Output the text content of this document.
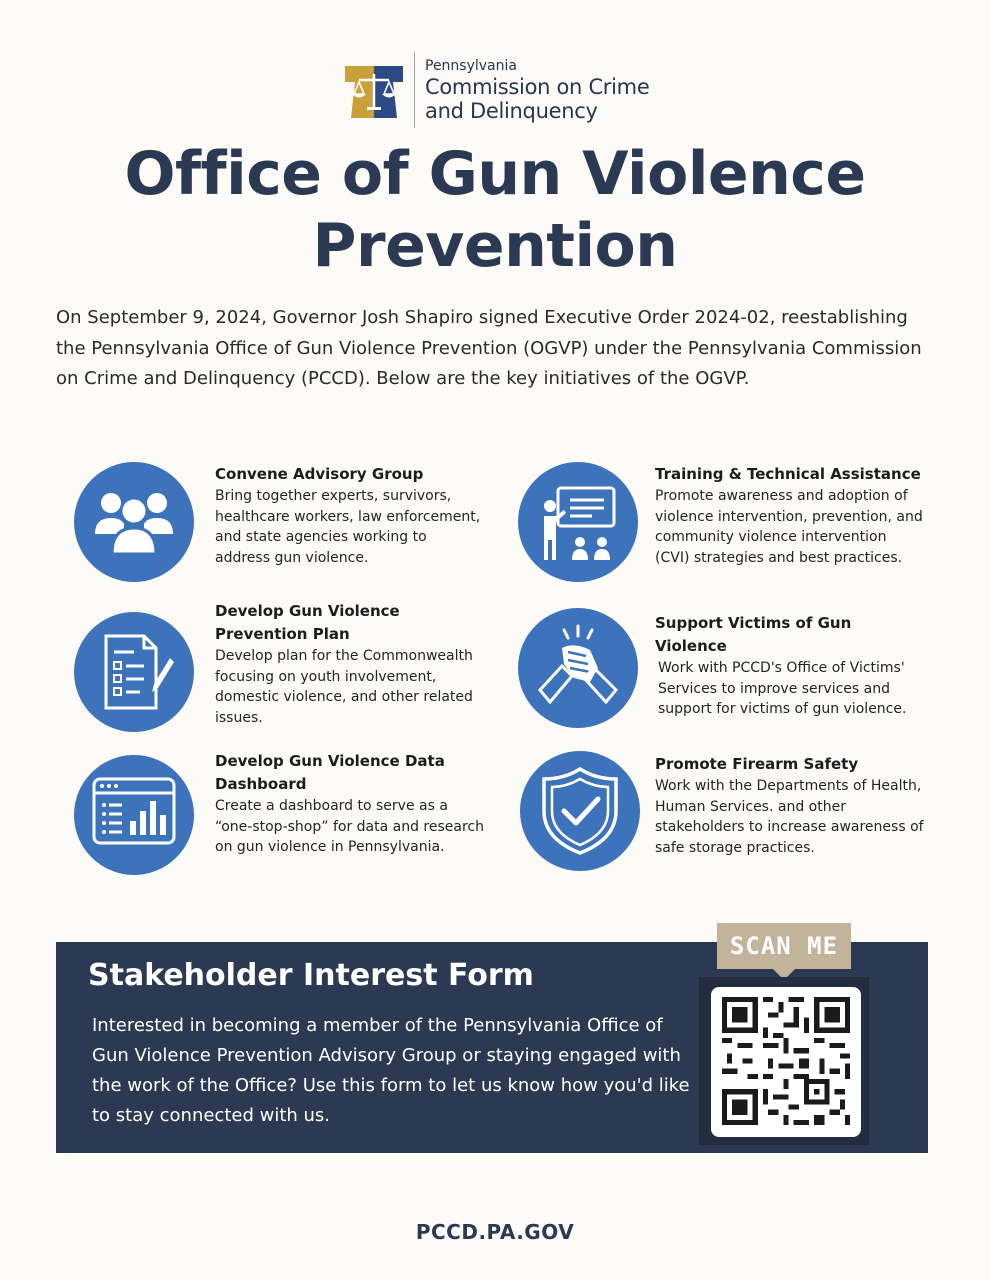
Pennsylvania
Commission on Crime
and Delinquency
Office of Gun Violence
Prevention
On September 9, 2024, Governor Josh Shapiro signed Executive Order 2024-02, reestablishing the Pennsylvania Office of Gun Violence Prevention (OGVP) under the Pennsylvania Commission on Crime and Delinquency (PCCD). Below are the key initiatives of the OGVP.
Convene Advisory Group
Bring together experts, survivors, healthcare workers, law enforcement, and state agencies working to address gun violence.
Training & Technical Assistance
Promote awareness and adoption of violence intervention, prevention, and community violence intervention (CVI) strategies and best practices.
Develop Gun Violence Prevention Plan
Develop plan for the Commonwealth focusing on youth involvement, domestic violence, and other related issues.
Support Victims of Gun Violence
Work with PCCD's Office of Victims' Services to improve services and support for victims of gun violence.
Develop Gun Violence Data Dashboard
Create a dashboard to serve as a “one-stop-shop” for data and research on gun violence in Pennsylvania.
Promote Firearm Safety
Work with the Departments of Health, Human Services. and other stakeholders to increase awareness of safe storage practices.
Stakeholder Interest Form
Interested in becoming a member of the Pennsylvania Office of Gun Violence Prevention Advisory Group or staying engaged with the work of the Office? Use this form to let us know how you'd like to stay connected with us.
SCAN ME
PCCD.PA.GOV
